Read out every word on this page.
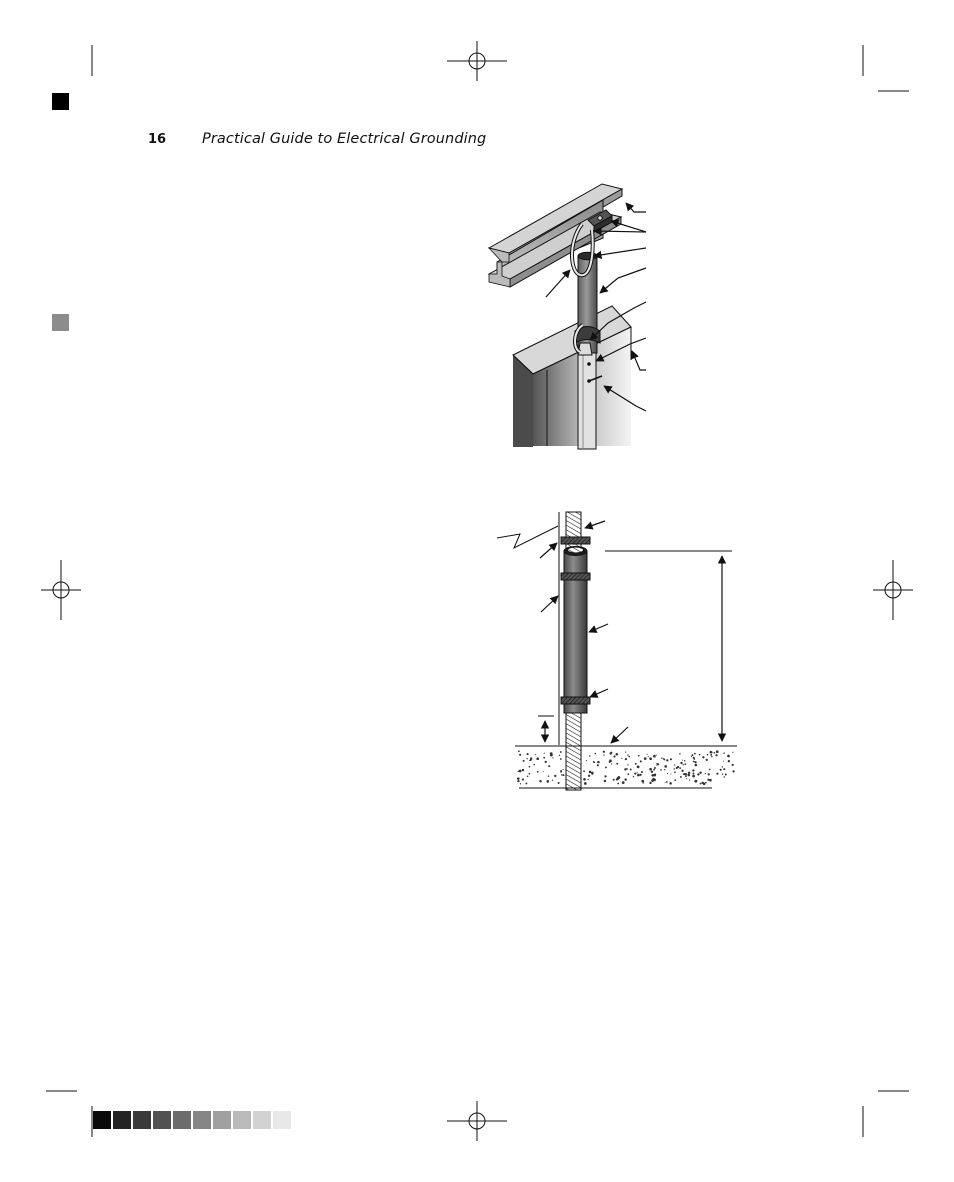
16	Practical Guide to Electrical Grounding
